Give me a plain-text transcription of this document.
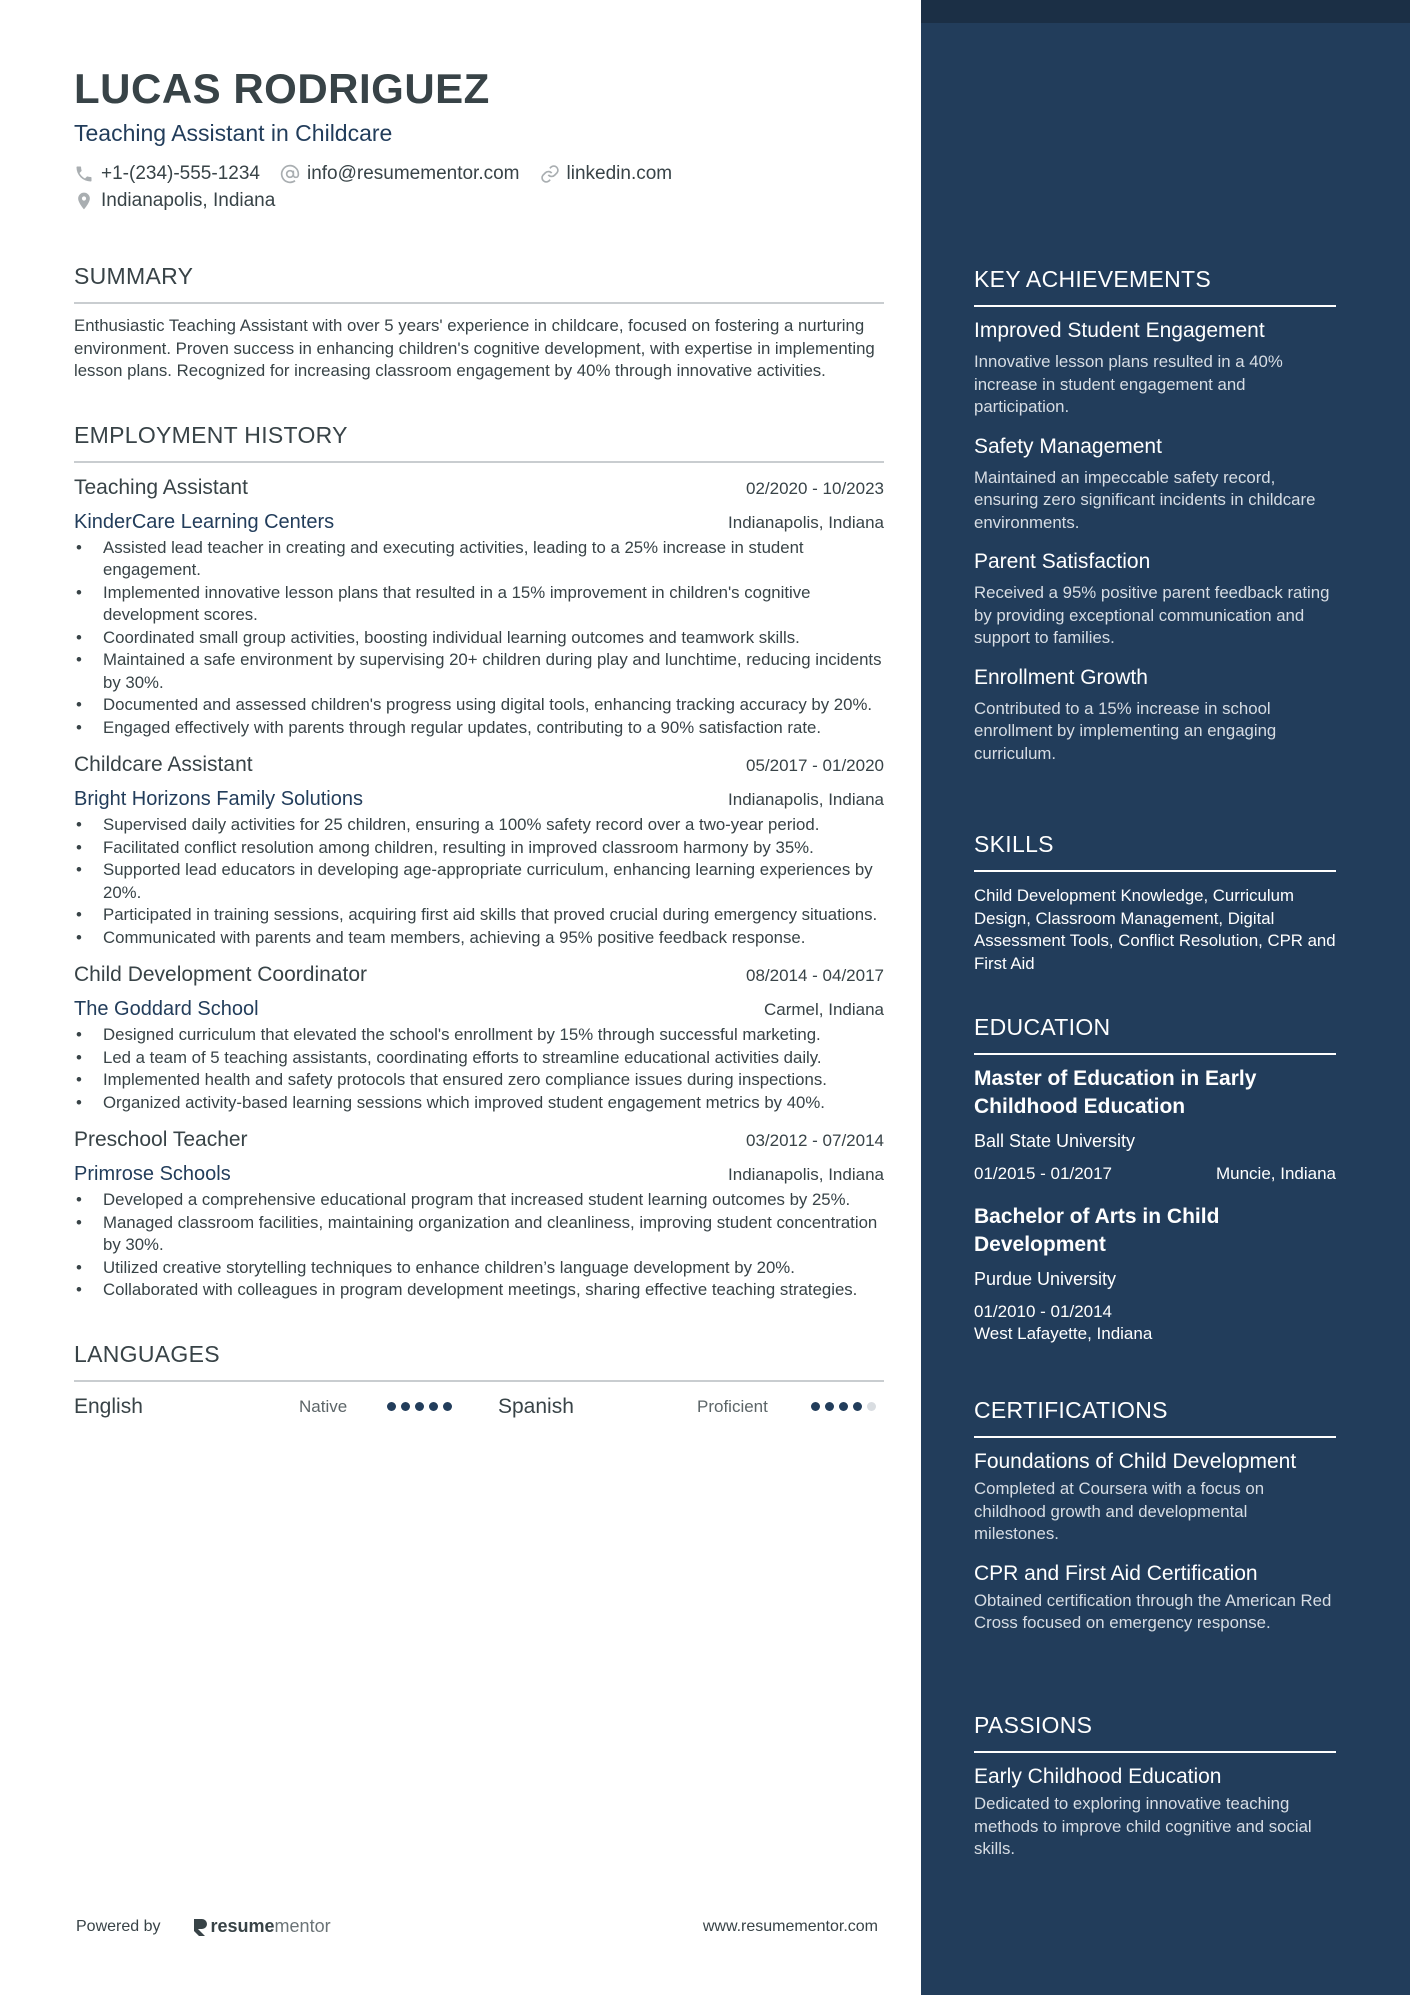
LUCAS RODRIGUEZ
Teaching Assistant in Childcare
+1-(234)-555-1234 info@resumementor.com linkedin.com
Indianapolis, Indiana
SUMMARY
Enthusiastic Teaching Assistant with over 5 years' experience in childcare, focused on fostering a nurturing environment. Proven success in enhancing children's cognitive development, with expertise in implementing lesson plans. Recognized for increasing classroom engagement by 40% through innovative activities.
EMPLOYMENT HISTORY
Teaching Assistant	02/2020 - 10/2023
KinderCare Learning Centers	Indianapolis, Indiana
• Assisted lead teacher in creating and executing activities, leading to a 25% increase in student engagement.
• Implemented innovative lesson plans that resulted in a 15% improvement in children's cognitive development scores.
• Coordinated small group activities, boosting individual learning outcomes and teamwork skills.
• Maintained a safe environment by supervising 20+ children during play and lunchtime, reducing incidents by 30%.
• Documented and assessed children's progress using digital tools, enhancing tracking accuracy by 20%.
• Engaged effectively with parents through regular updates, contributing to a 90% satisfaction rate.
Childcare Assistant	05/2017 - 01/2020
Bright Horizons Family Solutions	Indianapolis, Indiana
• Supervised daily activities for 25 children, ensuring a 100% safety record over a two-year period.
• Facilitated conflict resolution among children, resulting in improved classroom harmony by 35%.
• Supported lead educators in developing age-appropriate curriculum, enhancing learning experiences by 20%.
• Participated in training sessions, acquiring first aid skills that proved crucial during emergency situations.
• Communicated with parents and team members, achieving a 95% positive feedback response.
Child Development Coordinator	08/2014 - 04/2017
The Goddard School	Carmel, Indiana
• Designed curriculum that elevated the school's enrollment by 15% through successful marketing.
• Led a team of 5 teaching assistants, coordinating efforts to streamline educational activities daily.
• Implemented health and safety protocols that ensured zero compliance issues during inspections.
• Organized activity-based learning sessions which improved student engagement metrics by 40%.
Preschool Teacher	03/2012 - 07/2014
Primrose Schools	Indianapolis, Indiana
• Developed a comprehensive educational program that increased student learning outcomes by 25%.
• Managed classroom facilities, maintaining organization and cleanliness, improving student concentration by 30%.
• Utilized creative storytelling techniques to enhance children’s language development by 20%.
• Collaborated with colleagues in program development meetings, sharing effective teaching strategies.
LANGUAGES
English	Native	Spanish	Proficient
Powered by	resumementor	www.resumementor.com
KEY ACHIEVEMENTS
Improved Student Engagement
Innovative lesson plans resulted in a 40% increase in student engagement and participation.
Safety Management
Maintained an impeccable safety record, ensuring zero significant incidents in childcare environments.
Parent Satisfaction
Received a 95% positive parent feedback rating by providing exceptional communication and support to families.
Enrollment Growth
Contributed to a 15% increase in school enrollment by implementing an engaging curriculum.
SKILLS
Child Development Knowledge, Curriculum Design, Classroom Management, Digital Assessment Tools, Conflict Resolution, CPR and First Aid
EDUCATION
Master of Education in Early Childhood Education
Ball State University
01/2015 - 01/2017	Muncie, Indiana
Bachelor of Arts in Child Development
Purdue University
01/2010 - 01/2014
West Lafayette, Indiana
CERTIFICATIONS
Foundations of Child Development
Completed at Coursera with a focus on childhood growth and developmental milestones.
CPR and First Aid Certification
Obtained certification through the American Red Cross focused on emergency response.
PASSIONS
Early Childhood Education
Dedicated to exploring innovative teaching methods to improve child cognitive and social skills.
